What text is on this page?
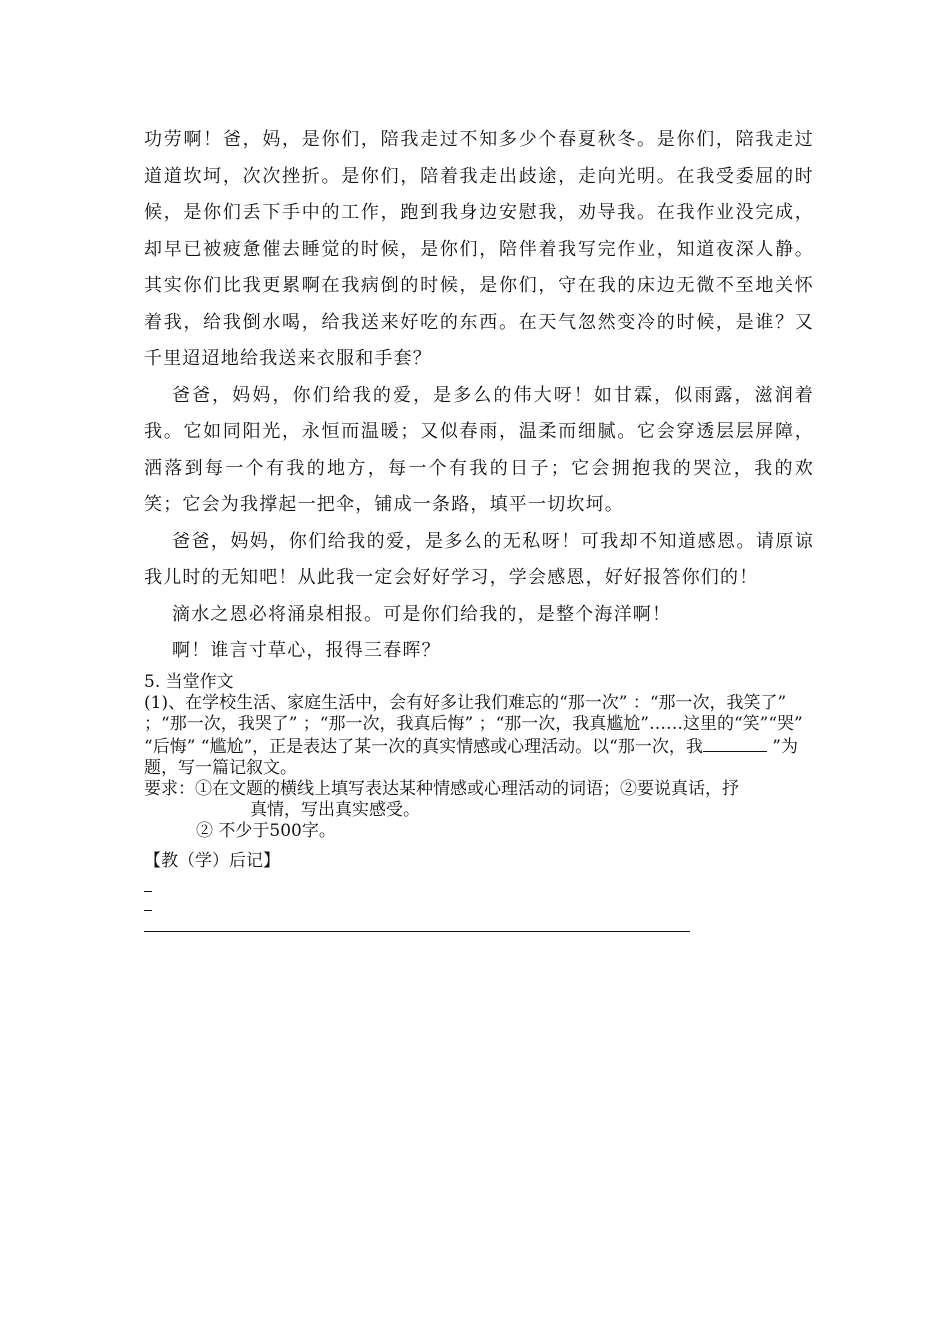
功劳啊！爸，妈，是你们，陪我走过不知多少个春夏秋冬。是你们，陪我走过道道坎坷，次次挫折。是你们，陪着我走出歧途，走向光明。在我受委屈的时候，是你们丢下手中的工作，跑到我身边安慰我，劝导我。在我作业没完成，却早已被疲惫催去睡觉的时候，是你们，陪伴着我写完作业，知道夜深人静。其实你们比我更累啊在我病倒的时候，是你们，守在我的床边无微不至地关怀着我，给我倒水喝，给我送来好吃的东西。在天气忽然变冷的时候，是谁？又千里迢迢地给我送来衣服和手套？

爸爸，妈妈，你们给我的爱，是多么的伟大呀！如甘霖，似雨露，滋润着我。它如同阳光，永恒而温暖；又似春雨，温柔而细腻。它会穿透层层屏障，洒落到每一个有我的地方，每一个有我的日子；它会拥抱我的哭泣，我的欢笑；它会为我撑起一把伞，铺成一条路，填平一切坎坷。

爸爸，妈妈，你们给我的爱，是多么的无私呀！可我却不知道感恩。请原谅我儿时的无知吧！从此我一定会好好学习，学会感恩，好好报答你们的！

滴水之恩必将涌泉相报。可是你们给我的，是整个海洋啊！

啊！谁言寸草心，报得三春晖？

5. 当堂作文

(1)、在学校生活、家庭生活中，会有好多让我们难忘的“那一次” ：“那一次，我笑了” ；“那一次，我哭了” ；“那一次，我真后悔” ；“那一次，我真尴尬”……这里的“笑”“哭” “后悔” “尴尬”，正是表达了某一次的真实情感或心理活动。以“那一次，我	”为题，写一篇记叙文。

要求：①在文题的横线上填写表达某种情感或心理活动的词语；②要说真话，抒

真情，写出真实感受。

② 不少于500字。

【教（学）后记】
